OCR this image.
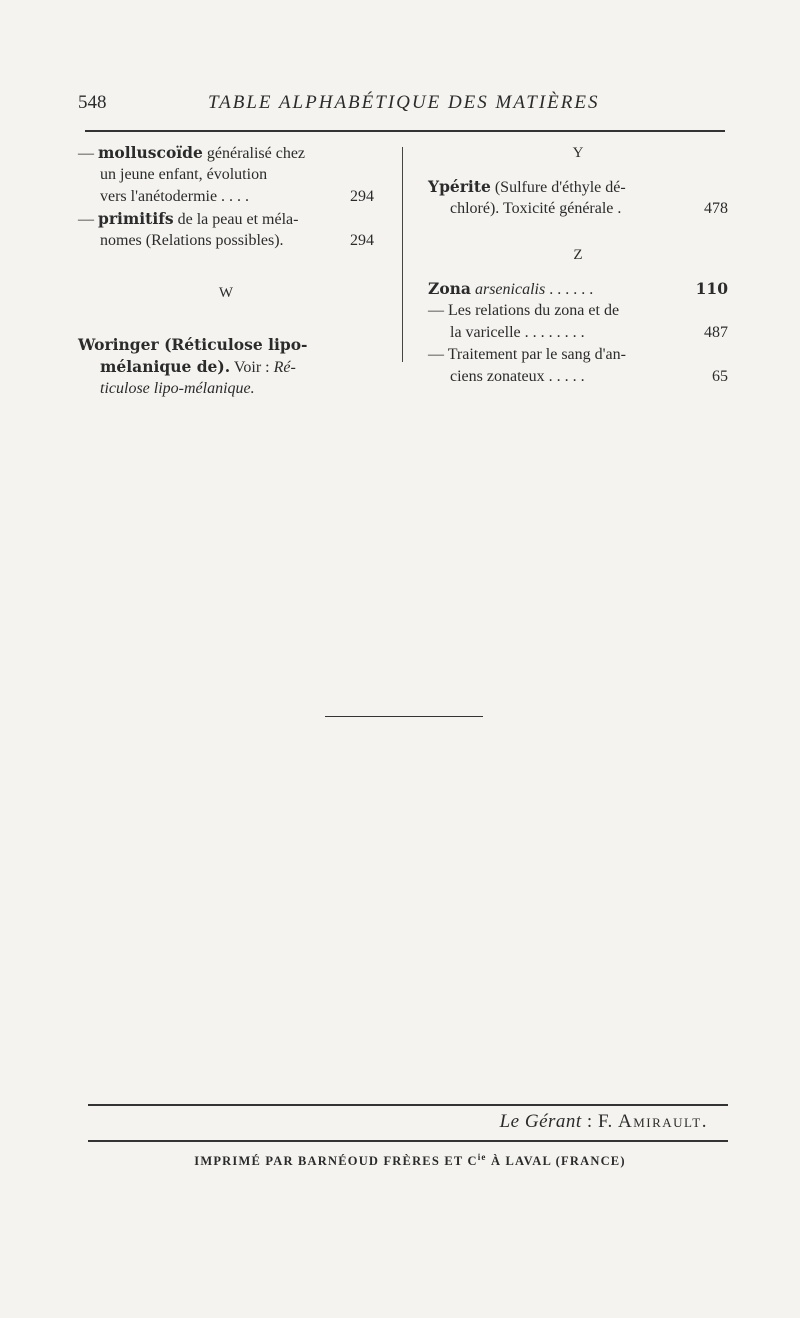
548	TABLE ALPHABÉTIQUE DES MATIÈRES
— molluscoïde généralisé chez
un jeune enfant, évolution
vers l'anétodermie . . . .	294
— primitifs de la peau et méla-
nomes (Relations possibles).	294
W
Woringer (Réticulose lipo-
mélanique de). Voir : Ré-
ticulose lipo-mélanique.
Y
Ypérite (Sulfure d'éthyle dé-
chloré). Toxicité générale .	478
Z
Zona arsenicalis . . . . . .	110
— Les relations du zona et de
la varicelle . . . . . . . .	487
— Traitement par le sang d'an-
ciens zonateux . . . . .	65
Le Gérant : F. Amirault.
IMPRIMÉ PAR BARNÉOUD FRÈRES ET $C^{ie}$ À LAVAL (FRANCE)
